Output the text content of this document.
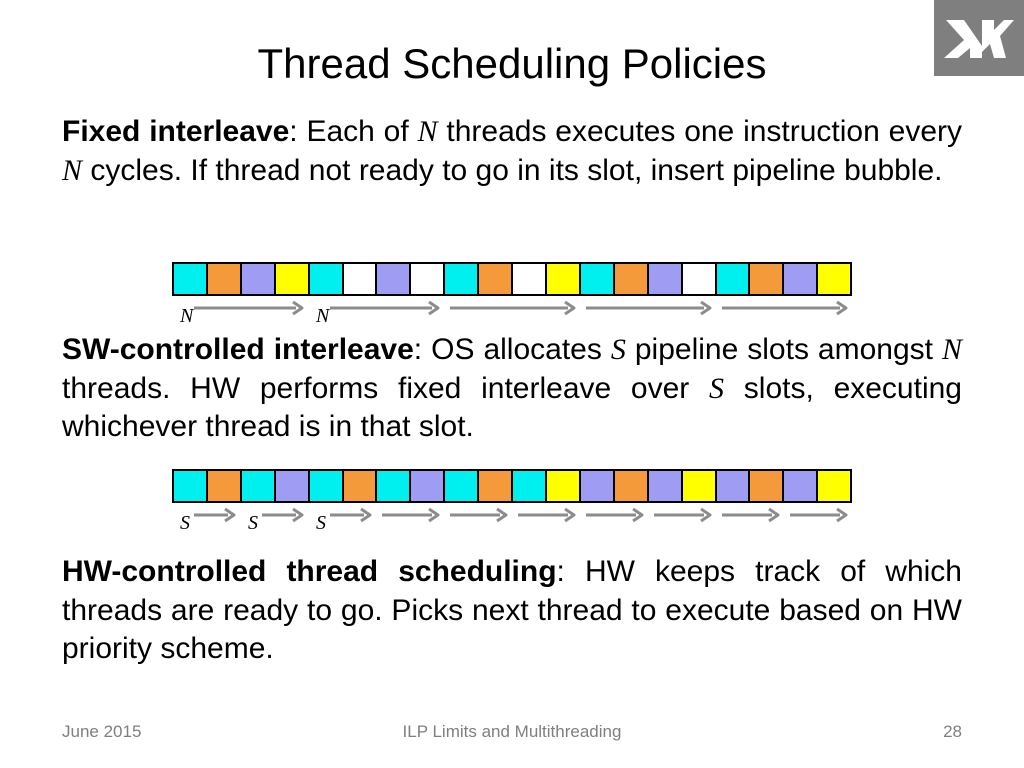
Thread Scheduling Policies

Fixed interleave: Each of N threads executes one instruction every N cycles. If thread not ready to go in its slot, insert pipeline bubble.

N	N

SW-controlled interleave: OS allocates S pipeline slots amongst N threads. HW performs fixed interleave over S slots, executing whichever thread is in that slot.

S	S	S

HW-controlled thread scheduling: HW keeps track of which threads are ready to go. Picks next thread to execute based on HW priority scheme.

June 2015	ILP Limits and Multithreading	28
